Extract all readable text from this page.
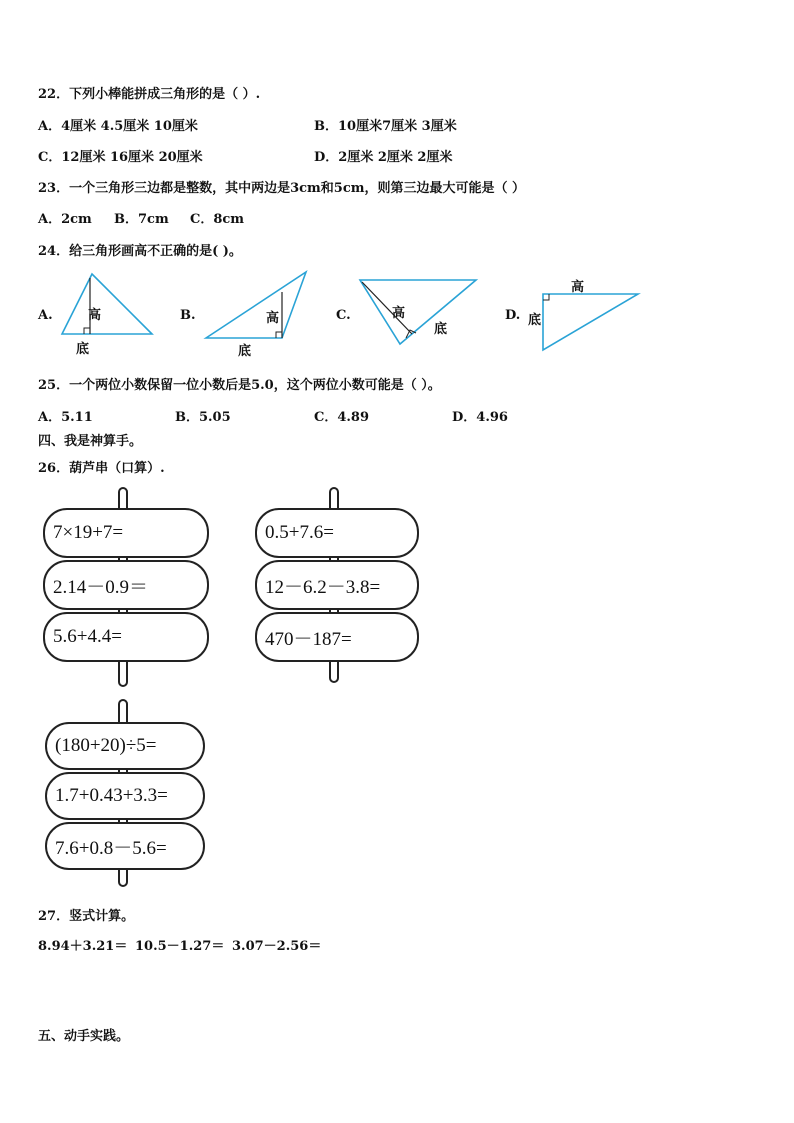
22．下列小棒能拼成三角形的是（ ）.
A．4厘米 4.5厘米 10厘米	B．10厘米7厘米 3厘米
C．12厘米 16厘米 20厘米	D．2厘米 2厘米 2厘米
23．一个三角形三边都是整数，其中两边是3cm和5cm，则第三边最大可能是（ ）
A．2cm B．7cm C．8cm
24．给三角形画高不正确的是( )。
A.	高
底
B.	高
底
C.	高
底
D.
高
底
25．一个两位小数保留一位小数后是5.0，这个两位小数可能是（ ）。
A．5.11	B．5.05	C．4.89	D．4.96
四、我是神算手。
26．葫芦串（口算）.
7×19+7=
2.14－0.9＝
5.6+4.4=
0.5+7.6=
12－6.2－3.8=
470－187=
(180+20)÷5=
1.7+0.43+3.3=
7.6+0.8－5.6=
27．竖式计算。
8.94＋3.21＝ 10.5－1.27＝ 3.07－2.56＝
五、动手实践。
